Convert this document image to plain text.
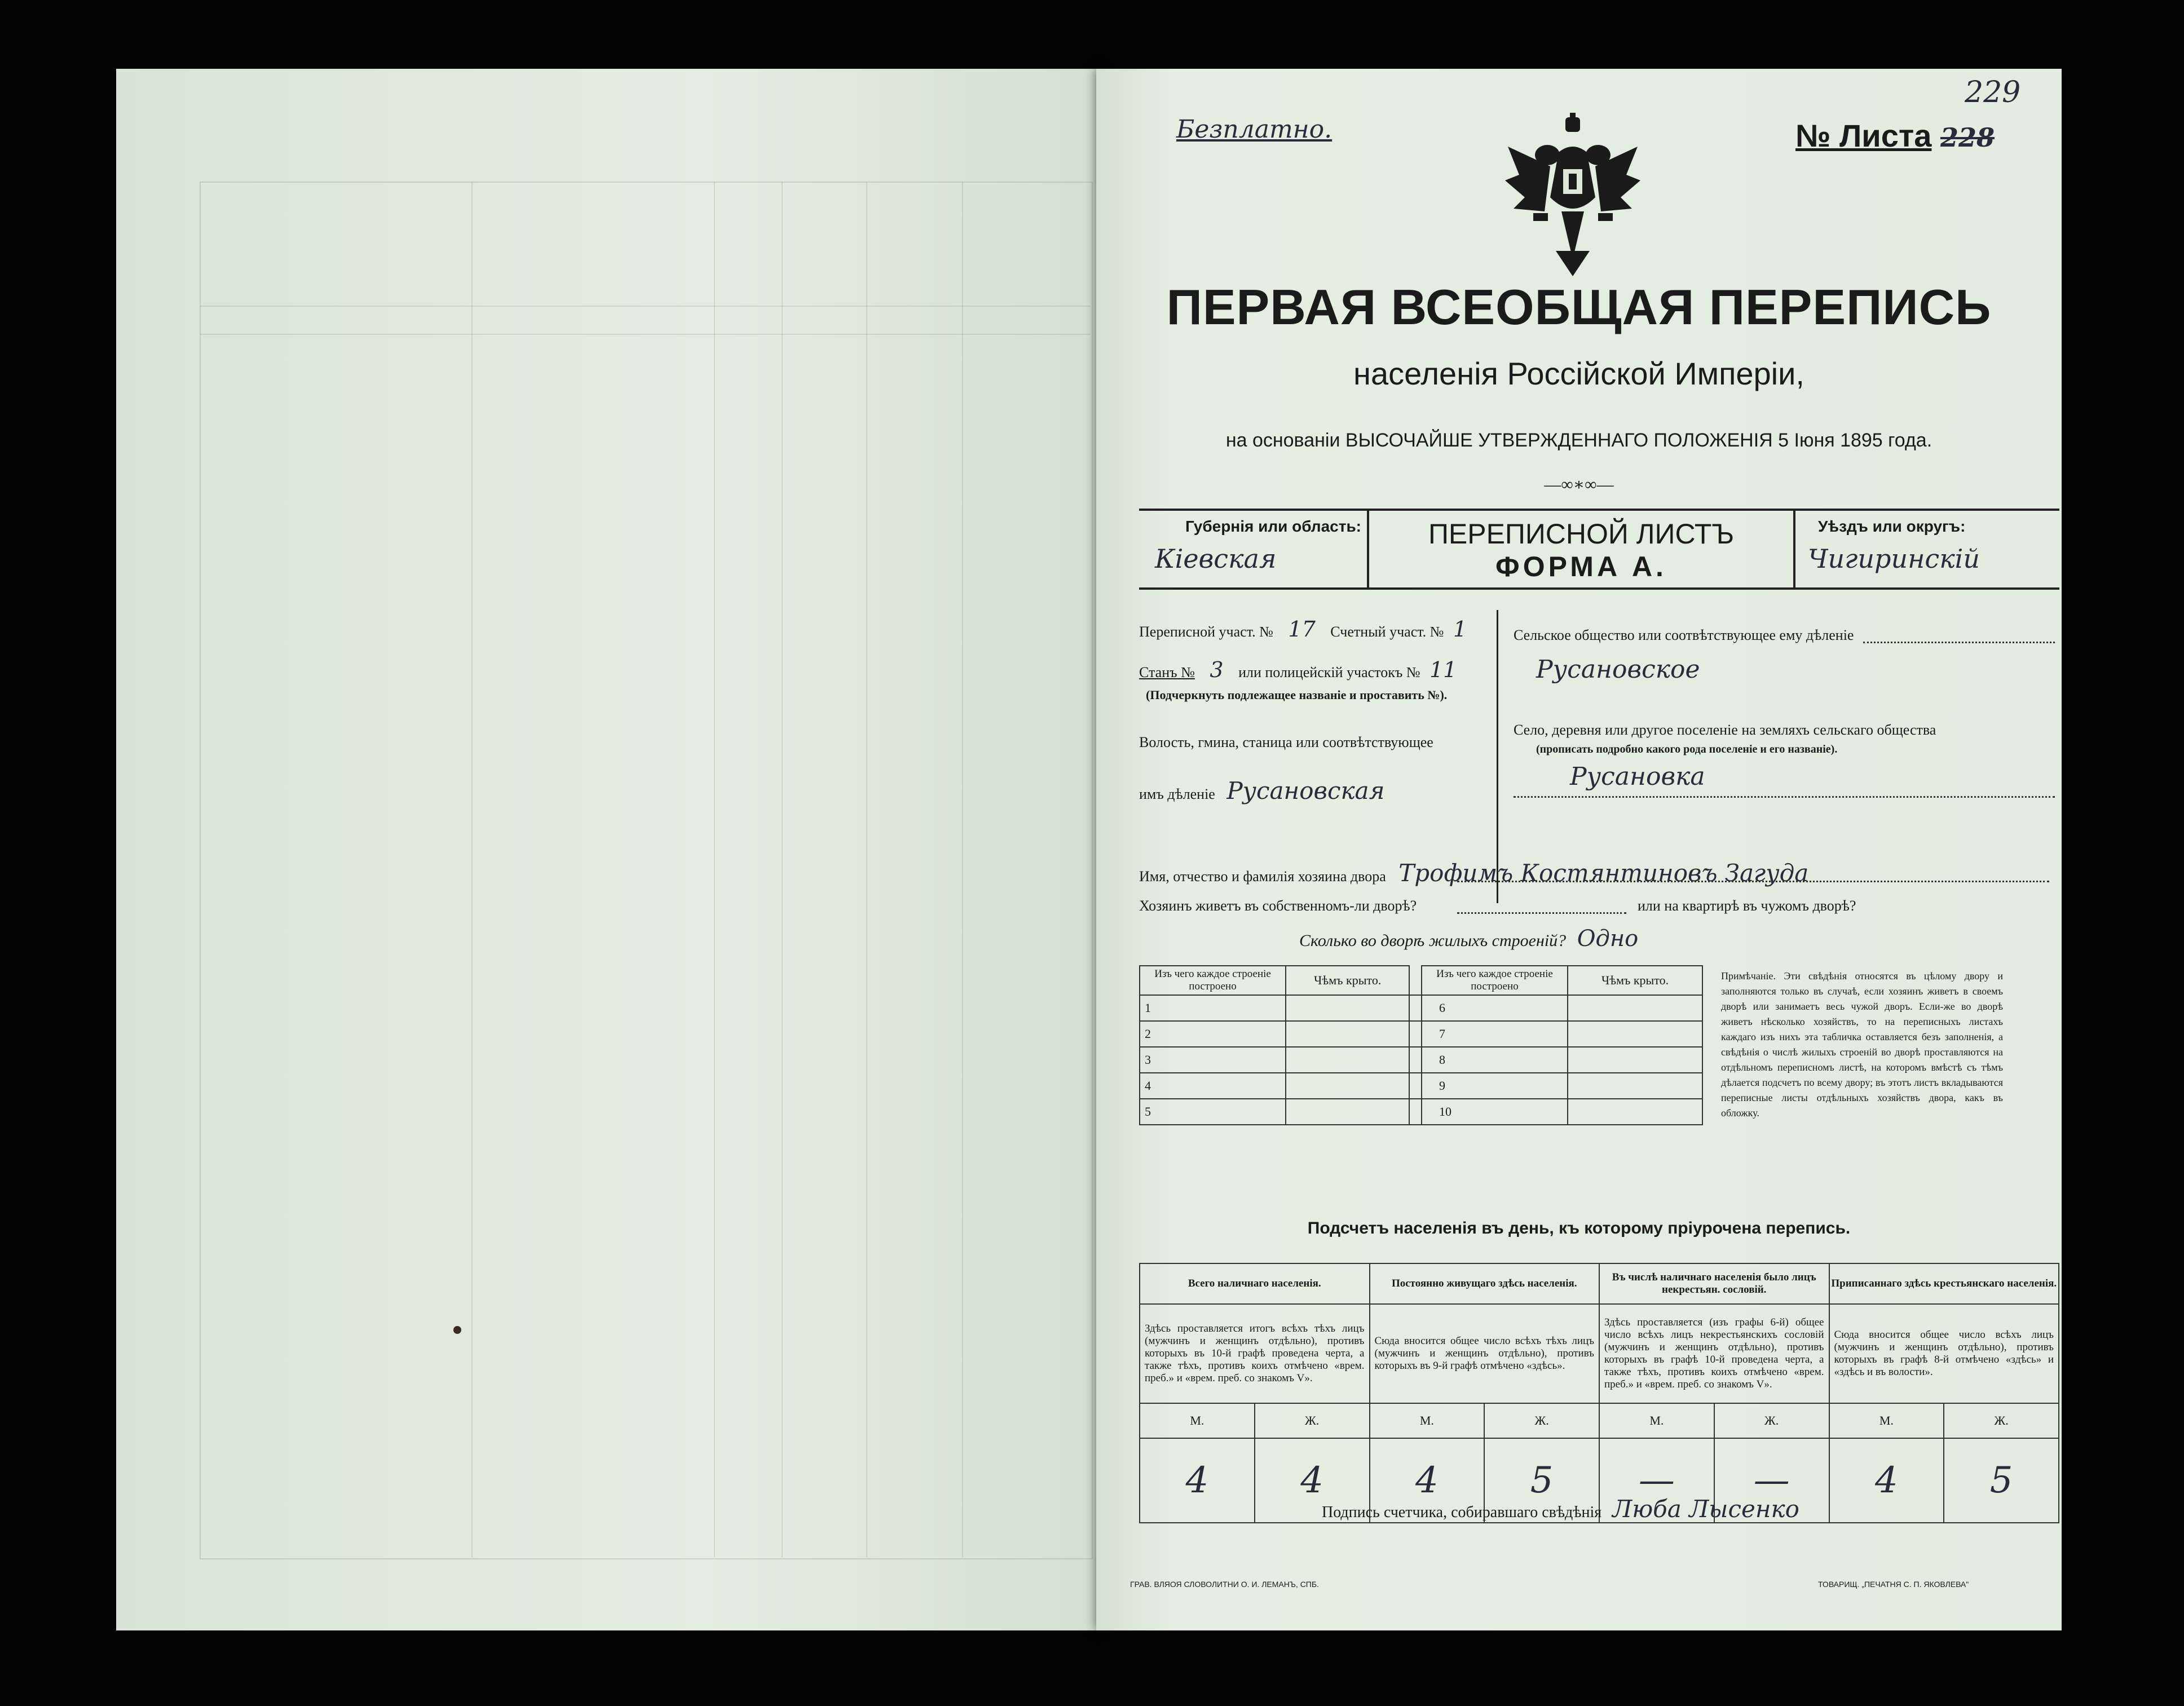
Безплатно.	№ Листа 228
229
ПЕРВАЯ ВСЕОБЩАЯ ПЕРЕПИСЬ
населенія Россійской Имперіи,
на основаніи ВЫСОЧАЙШЕ УТВЕРЖДЕННАГО ПОЛОЖЕНІЯ 5 Іюня 1895 года.
—∞∗∞—
Губернія или область:
Кіевская
ПЕРЕПИСНОЙ ЛИСТЪ
ФОРМА А.
Уѣздъ или округъ:
Чигиринскій
Переписной участ. № 17 Счетный участ. № 1
Станъ № 3 или полицейскій участокъ № 11
(Подчеркнуть подлежащее названіе и проставить №).
Волость, гмина, станица или соотвѣтствующее
имъ дѣленіе Русановская
Сельское общество или соотвѣтствующее ему дѣленіе
Русановское
Село, деревня или другое поселеніе на земляхъ сельскаго общества
(прописать подробно какого рода поселеніе и его названіе).
Русановка
Имя, отчество и фамилія хозяина двора Трофимъ Костянтиновъ Загуда
Хозяинъ живетъ въ собственномъ-ли дворѣ?	или на квартирѣ въ чужомъ дворѣ?
Сколько во дворѣ жилыхъ строеній? Одно
Изъ чего каждое строеніе построено	Чѣмъ крыто.		Изъ чего каждое строеніе построено	Чѣмъ крыто.
1			6	
2			7	
3			8	
4			9	
5			10	
Примѣчаніе. Эти свѣдѣнія относятся въ цѣлому двору и заполняются только въ случаѣ, если хозяинъ живетъ в своемъ дворѣ или занимаетъ весь чужой дворъ. Если-же во дворѣ живетъ нѣсколько хозяйствъ, то на переписныхъ листахъ каждаго изъ нихъ эта табличка оставляется безъ заполненія, а свѣдѣнія о числѣ жилыхъ строеній во дворѣ проставляются на отдѣльномъ переписномъ листѣ, на которомъ вмѣстѣ съ тѣмъ дѣлается подсчетъ по всему двору; въ этотъ листъ вкладываются переписные листы отдѣльныхъ хозяйствъ двора, какъ въ обложку.
Подсчетъ населенія въ день, къ которому пріурочена перепись.
Всего наличнаго населенія.		Постоянно живущаго здѣсь населенія.		Въ числѣ наличнаго населенія было лицъ некрестьян. сословій.		Приписаннаго здѣсь крестьянскаго населенія.	
Здѣсь проставляется итогъ всѣхъ тѣхъ лицъ (мужчинъ и женщинъ отдѣльно), противъ которыхъ въ 10-й графѣ проведена черта, а также тѣхъ, противъ коихъ отмѣчено «врем. преб.» и «врем. преб. со знакомъ V».		Сюда вносится общее число всѣхъ тѣхъ лицъ (мужчинъ и женщинъ отдѣльно), противъ которыхъ въ 9-й графѣ отмѣчено «здѣсь».		Здѣсь проставляется (изъ графы 6-й) общее число всѣхъ лицъ некрестьянскихъ сословій (мужчинъ и женщинъ отдѣльно), противъ которыхъ въ графѣ 10-й проведена черта, а также тѣхъ, противъ коихъ отмѣчено «врем. преб.» и «врем. преб. со знакомъ V».		Сюда вносится общее число всѣхъ лицъ (мужчинъ и женщинъ отдѣльно), противъ которыхъ въ графѣ 8-й отмѣчено «здѣсь» и «здѣсь и въ волости».	
М.	Ж.	М.	Ж.	М.	Ж.	М.	Ж.
4	4	4	5	—	—	4	5
Подпись счетчика, собиравшаго свѣдѣнія Люба Лысенко
ГРАВ. ВЛЯОЯ СЛОВОЛИТНИ О. И. ЛЕМАНЪ, СПБ.	ТОВАРИЩ. „ПЕЧАТНЯ С. П. ЯКОВЛЕВА"
